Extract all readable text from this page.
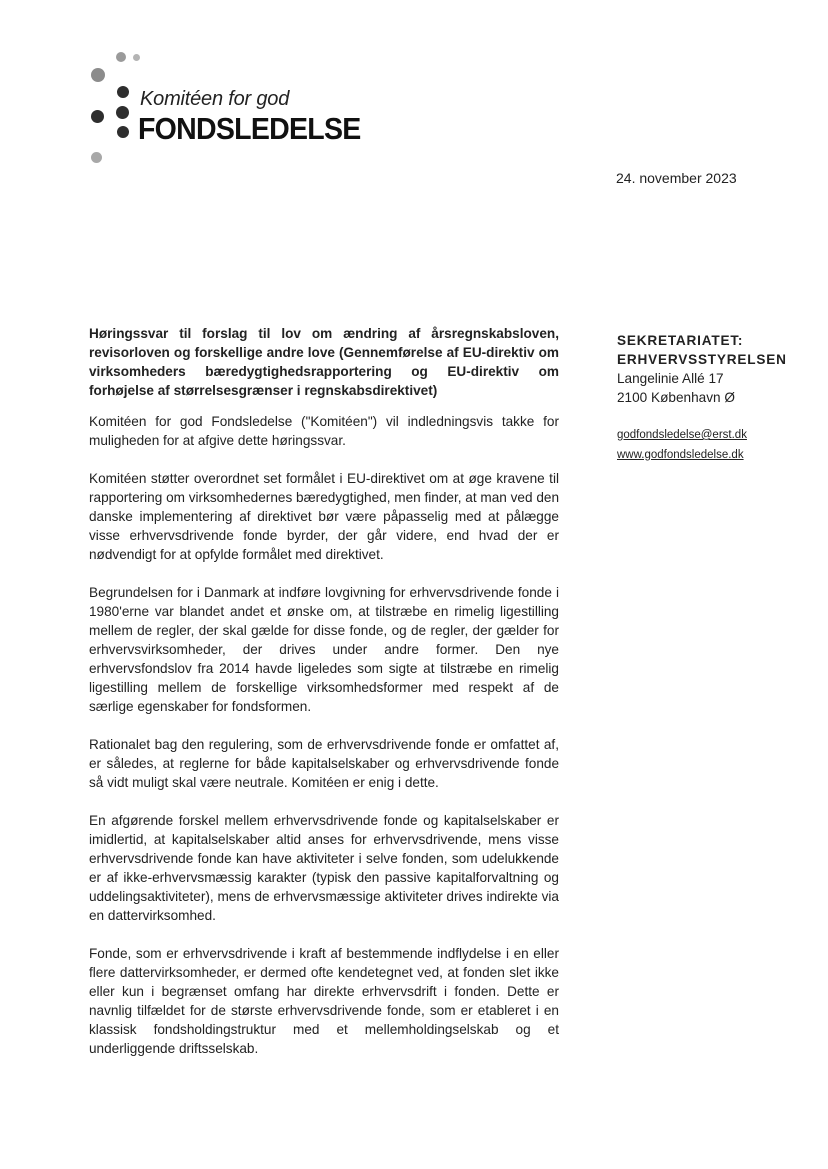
Komitéen for god
FONDSLEDELSE
24. november 2023
SEKRETARIATET:
ERHVERVSSTYRELSEN
Langelinie Allé 17
2100 København Ø
godfondsledelse@erst.dk
www.godfondsledelse.dk
Høringssvar til forslag til lov om ændring af årsregnskabsloven, revisorloven og forskellige andre love (Gennemførelse af EU-direktiv om virksomheders bæredygtighedsrapportering og EU-direktiv om forhøjelse af størrelsesgrænser i regnskabsdirektivet)

Komitéen for god Fondsledelse ("Komitéen") vil indledningsvis takke for muligheden for at afgive dette høringssvar.

Komitéen støtter overordnet set formålet i EU-direktivet om at øge kravene til rapportering om virksomhedernes bæredygtighed, men finder, at man ved den danske implementering af direktivet bør være påpasselig med at pålægge visse erhvervsdrivende fonde byrder, der går videre, end hvad der er nødvendigt for at opfylde formålet med direktivet.

Begrundelsen for i Danmark at indføre lovgivning for erhvervsdrivende fonde i 1980'erne var blandet andet et ønske om, at tilstræbe en rimelig ligestilling mellem de regler, der skal gælde for disse fonde, og de regler, der gælder for erhvervsvirksomheder, der drives under andre former. Den nye erhvervsfondslov fra 2014 havde ligeledes som sigte at tilstræbe en rimelig ligestilling mellem de forskellige virksomhedsformer med respekt af de særlige egenskaber for fondsformen.

Rationalet bag den regulering, som de erhvervsdrivende fonde er omfattet af, er således, at reglerne for både kapitalselskaber og erhvervsdrivende fonde så vidt muligt skal være neutrale. Komitéen er enig i dette.

En afgørende forskel mellem erhvervsdrivende fonde og kapitalselskaber er imidlertid, at kapitalselskaber altid anses for erhvervsdrivende, mens visse erhvervsdrivende fonde kan have aktiviteter i selve fonden, som udelukkende er af ikke-erhvervsmæssig karakter (typisk den passive kapitalforvaltning og uddelingsaktiviteter), mens de erhvervsmæssige aktiviteter drives indirekte via en dattervirksomhed.

Fonde, som er erhvervsdrivende i kraft af bestemmende indflydelse i en eller flere dattervirksomheder, er dermed ofte kendetegnet ved, at fonden slet ikke eller kun i begrænset omfang har direkte erhvervsdrift i fonden. Dette er navnlig tilfældet for de største erhvervsdrivende fonde, som er etableret i en klassisk fondsholdingstruktur med et mellemholdingselskab og et underliggende driftsselskab.
